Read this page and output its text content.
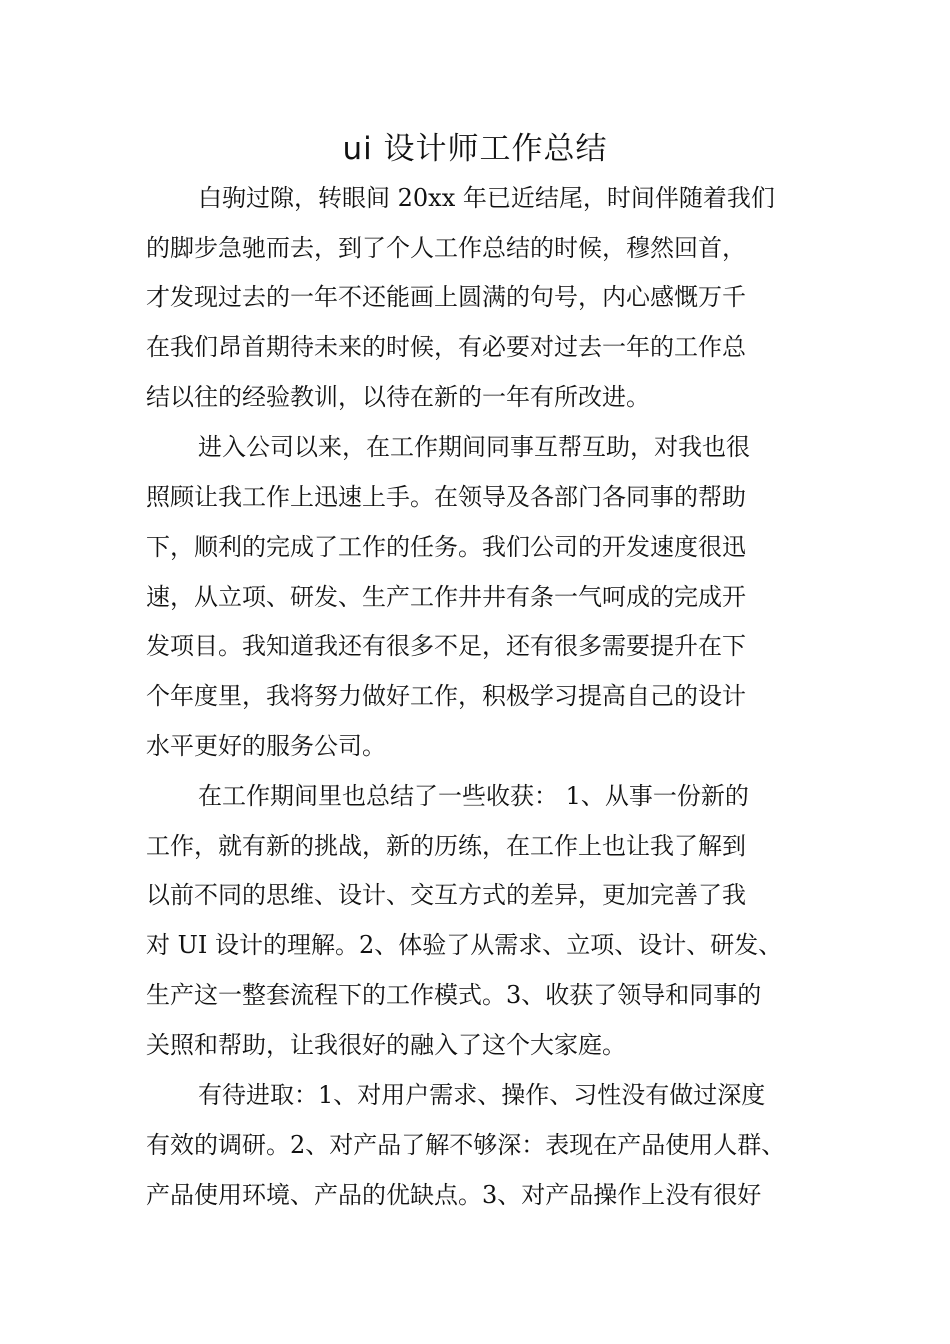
ui 设计师工作总结
白驹过隙，转眼间 20xx 年已近结尾，时间伴随着我们
的脚步急驰而去，到了个人工作总结的时候，穆然回首，
才发现过去的一年不还能画上圆满的句号，内心感慨万千
在我们昂首期待未来的时候，有必要对过去一年的工作总
结以往的经验教训，以待在新的一年有所改进。
进入公司以来，在工作期间同事互帮互助，对我也很
照顾让我工作上迅速上手。在领导及各部门各同事的帮助
下，顺利的完成了工作的任务。我们公司的开发速度很迅
速，从立项、研发、生产工作井井有条一气呵成的完成开
发项目。我知道我还有很多不足，还有很多需要提升在下
个年度里，我将努力做好工作，积极学习提高自己的设计
水平更好的服务公司。
在工作期间里也总结了一些收获： 1、从事一份新的
工作，就有新的挑战，新的历练，在工作上也让我了解到
以前不同的思维、设计、交互方式的差异，更加完善了我
对 UI 设计的理解。2、体验了从需求、立项、设计、研发、
生产这一整套流程下的工作模式。3、收获了领导和同事的
关照和帮助，让我很好的融入了这个大家庭。
有待进取：1、对用户需求、操作、习性没有做过深度
有效的调研。2、对产品了解不够深：表现在产品使用人群、
产品使用环境、产品的优缺点。3、对产品操作上没有很好
